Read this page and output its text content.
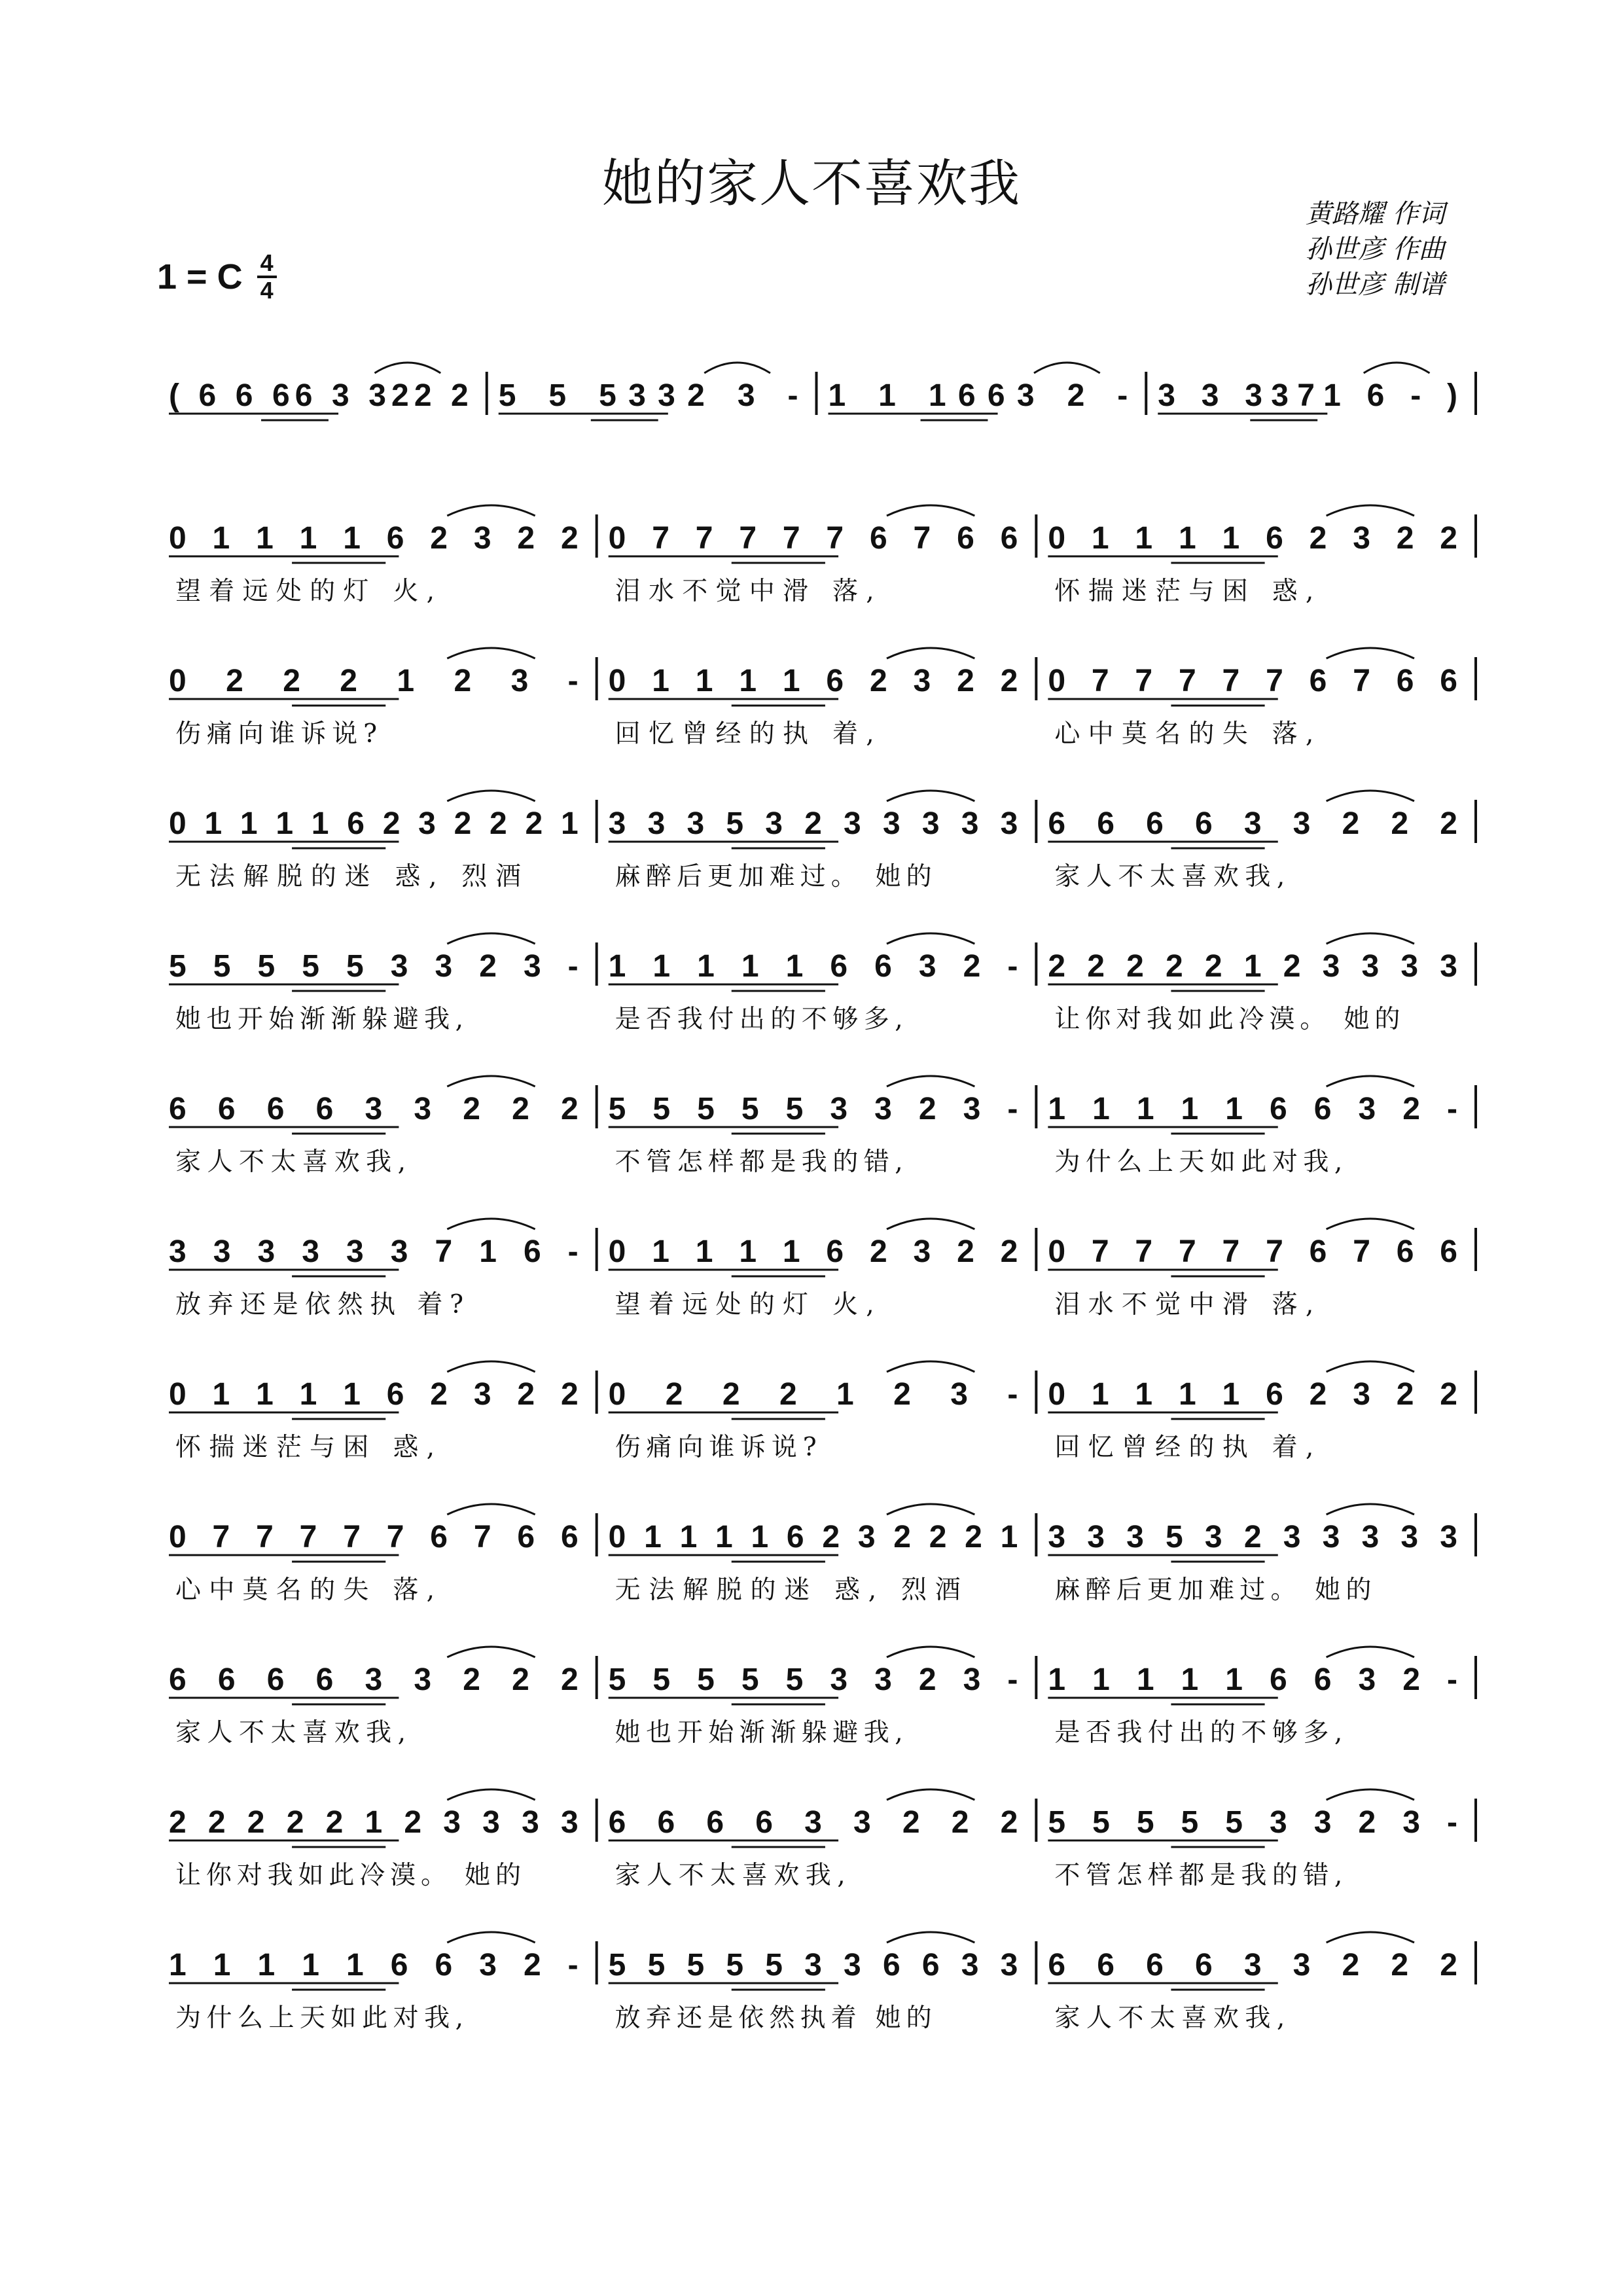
她的家人不喜欢我
1 = C $\frac{4}{4}$
黄路耀 作词
孙世彦 作曲
孙世彦 制谱
( 6 6 66 3 322 2 5 5 5332 3 - 1 1 1663 2 - 3 3 3371 6 - )
0 1 1 1 1 6 2 3 2 2
望着远处的灯 火,
0 7 7 7 7 7 6 7 6 6
泪水不觉中滑 落,
0 1 1 1 1 6 2 3 2 2
怀揣迷茫与困 惑,
0 2 2 2 1 2 3 -
伤痛向谁诉说?
0 1 1 1 1 6 2 3 2 2
回忆曾经的执 着,
0 7 7 7 7 7 6 7 6 6
心中莫名的失 落,
0 1 1 1 1 6 2 3 2 2 2 1
无法解脱的迷 惑, 烈酒
3 3 3 5 3 2 3 3 3 3 3
麻醉后更加难过。 她的
6 6 6 6 3 3 2 2 2
家人不太喜欢我,
5 5 5 5 5 3 3 2 3 -
她也开始渐渐躲避我,
1 1 1 1 1 6 6 3 2 -
是否我付出的不够多,
2 2 2 2 2 1 2 3 3 3 3
让你对我如此冷漠。 她的
6 6 6 6 3 3 2 2 2
家人不太喜欢我,
5 5 5 5 5 3 3 2 3 -
不管怎样都是我的错,
1 1 1 1 1 6 6 3 2 -
为什么上天如此对我,
3 3 3 3 3 3 7 1 6 -
放弃还是依然执 着?
0 1 1 1 1 6 2 3 2 2
望着远处的灯 火,
0 7 7 7 7 7 6 7 6 6
泪水不觉中滑 落,
0 1 1 1 1 6 2 3 2 2
怀揣迷茫与困 惑,
0 2 2 2 1 2 3 -
伤痛向谁诉说?
0 1 1 1 1 6 2 3 2 2
回忆曾经的执 着,
0 7 7 7 7 7 6 7 6 6
心中莫名的失 落,
0 1 1 1 1 6 2 3 2 2 2 1
无法解脱的迷 惑, 烈酒
3 3 3 5 3 2 3 3 3 3 3
麻醉后更加难过。 她的
6 6 6 6 3 3 2 2 2
家人不太喜欢我,
5 5 5 5 5 3 3 2 3 -
她也开始渐渐躲避我,
1 1 1 1 1 6 6 3 2 -
是否我付出的不够多,
2 2 2 2 2 1 2 3 3 3 3
让你对我如此冷漠。 她的
6 6 6 6 3 3 2 2 2
家人不太喜欢我,
5 5 5 5 5 3 3 2 3 -
不管怎样都是我的错,
1 1 1 1 1 6 6 3 2 -
为什么上天如此对我,
5 5 5 5 5 3 3 6 6 3 3
放弃还是依然执着 她的
6 6 6 6 3 3 2 2 2
家人不太喜欢我,
